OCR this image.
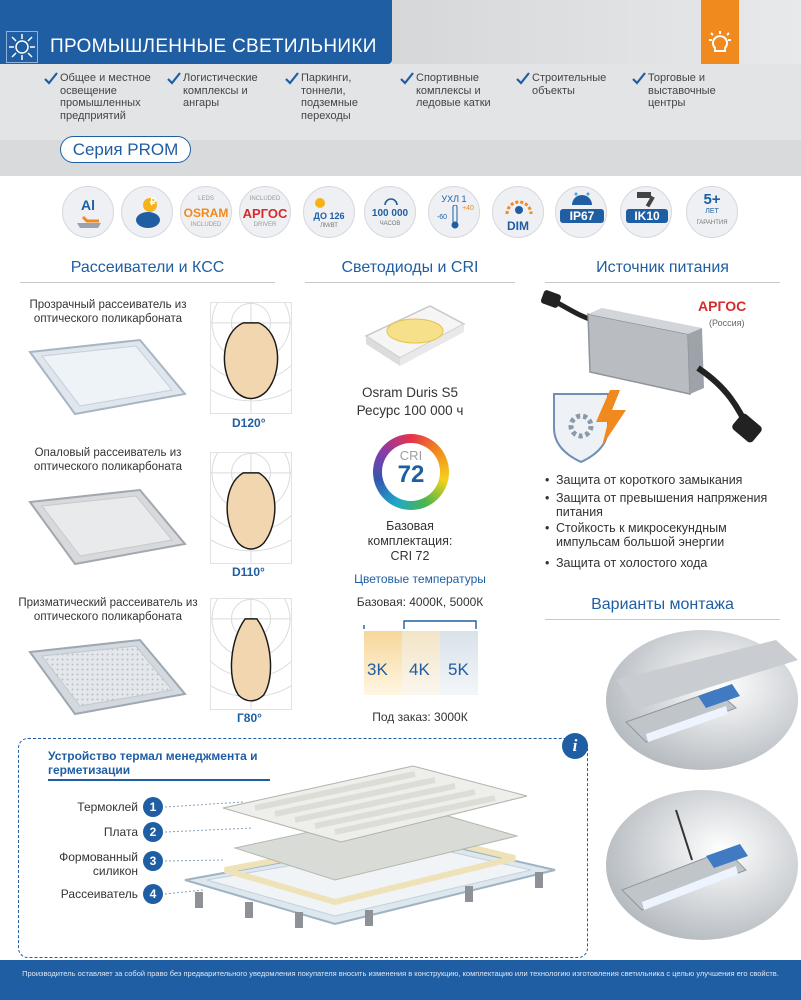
ПРОМЫШЛЕННЫЕ СВЕТИЛЬНИКИ
Общее и местное освещение промышленных предприятий
Логистические комплексы и ангары
Паркинги, тоннели, подземные переходы
Спортивные комплексы и ледовые катки
Строительные объекты
Торговые и выставочные центры
Серия PROM
Al	₽	LEDS
OSRAM
INCLUDED
INCLUDED
АРГОС
DRIVER
ДО 126
ЛМ/ВТ
100 000
ЧАСОВ
УХЛ 1
-60
+40
DIM
IP67	IK10
5+
ЛЕТ
ГАРАНТИЯ
Рассеиватели и КСС	Светодиоды и CRI	Источник питания
Прозрачный рассеиватель из оптического поликарбоната
Опаловый рассеиватель из оптического поликарбоната
Призматический рассеиватель из оптического поликарбоната
D120°
D110°
Г80°
Osram Duris S5
Ресурс 100 000 ч
CRI
72
Базовая комплектация: CRI 72
Цветовые температуры
Базовая: 4000К, 5000К
3K 4K 5K
Под заказ: 3000К
АРГОС
(Россия)
• Защита от короткого замыкания
• Защита от превышения напряжения питания
• Стойкость к микросекундным импульсам большой энергии
• Защита от холостого хода
Варианты монтажа
Устройство термал менеджмента и герметизации
i
Термоклей 1
Плата 2
Формованный силикон
3
Рассеиватель 4
Производитель оставляет за собой право без предварительного уведомления покупателя вносить изменения в конструкцию, комплектацию или технологию изготовления светильника с целью улучшения его свойств.
